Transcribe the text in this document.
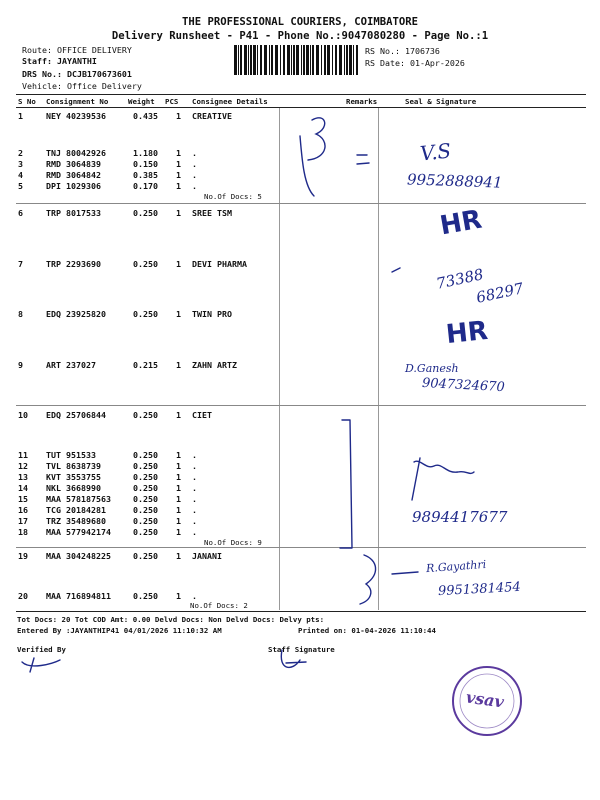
THE PROFESSIONAL COURIERS, COIMBATORE
Delivery Runsheet - P41 - Phone No.:9047080280 - Page No.:1
Route: OFFICE DELIVERY
Staff: JAYANTHI
DRS No.: DCJB170673601
Vehicle: Office Delivery
RS No.: 1706736
RS Date: 01-Apr-2026
S No Consignment No	Weight PCS Consignee Details	Remarks	Seal & Signature
1	NEY 40239536	0.435 1 CREATIVE
2	TNJ 80042926	1.180 1 .
3	RMD 3064839	0.150 1 .
4	RMD 3064842	0.385 1 .
5	DPI 1029306	0.170 1 .
No.Of Docs: 5
6	TRP 8017533	0.250 1 SREE TSM
7	TRP 2293690	0.250 1 DEVI PHARMA
8	EDQ 23925820	0.250 1 TWIN PRO
9	ART 237027	0.215 1 ZAHN ARTZ
10 EDQ 25706844	0.250 1 CIET
11 TUT 951533	0.250 1 .
12 TVL 8638739	0.250 1 .
13 KVT 3553755	0.250 1 .
14 NKL 3668990	0.250 1 .
15 MAA 578187563	0.250 1 .
16 TCG 20184281	0.250 1 .
17 TRZ 35489680	0.250 1 .
18 MAA 577942174	0.250 1 .
No.Of Docs: 9
19 MAA 304248225	0.250 1 JANANI
20 MAA 716894811	0.250 1 .
No.Of Docs: 2
Tot Docs: 20 Tot COD Amt: 0.00 Delvd Docs: Non Delvd Docs: Delvy pts:
Entered By :JAYANTHIP41 04/01/2026 11:10:32 AM	Printed on: 01-04-2026 11:10:44
Verified By	Staff Signature
V.S
9952888941
HR
73388
68297
HR
D.Ganesh
9047324670
9894417677
R.Gayathri
9951381454
vsav
